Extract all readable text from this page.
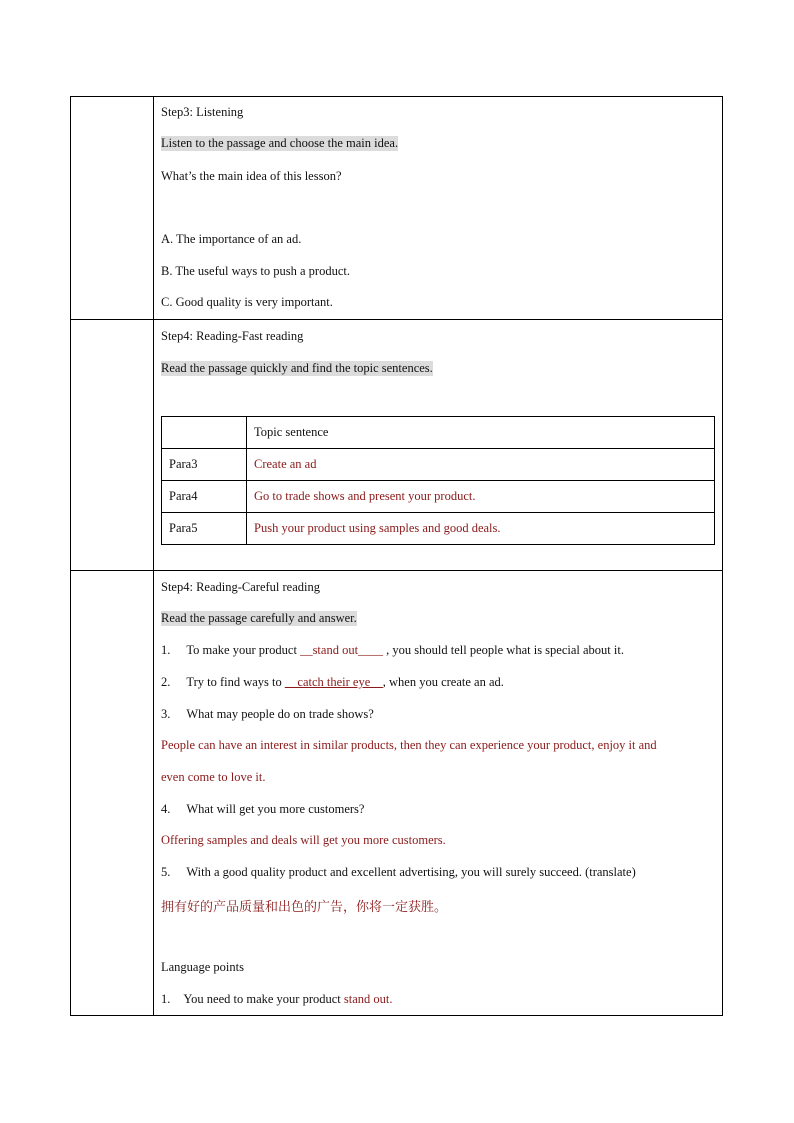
Step3: Listening
Listen to the passage and choose the main idea.
What’s the main idea of this lesson?
A. The importance of an ad.
B. The useful ways to push a product.
C. Good quality is very important.

Step4: Reading-Fast reading
Read the passage quickly and find the topic sentences.
	Topic sentence
Para3	Create an ad
Para4	Go to trade shows and present your product.
Para5	Push your product using samples and good deals.

Step4: Reading-Careful reading
Read the passage carefully and answer.
1. To make your product __stand out____ , you should tell people what is special about it.
2. Try to find ways to __catch their eye__, when you create an ad.
3. What may people do on trade shows?
People can have an interest in similar products, then they can experience your product, enjoy it and
even come to love it.
4. What will get you more customers?
Offering samples and deals will get you more customers.
5. With a good quality product and excellent advertising, you will surely succeed. (translate)
拥有好的产品质量和出色的广告，你将一定获胜。
Language points
1. You need to make your product stand out.
